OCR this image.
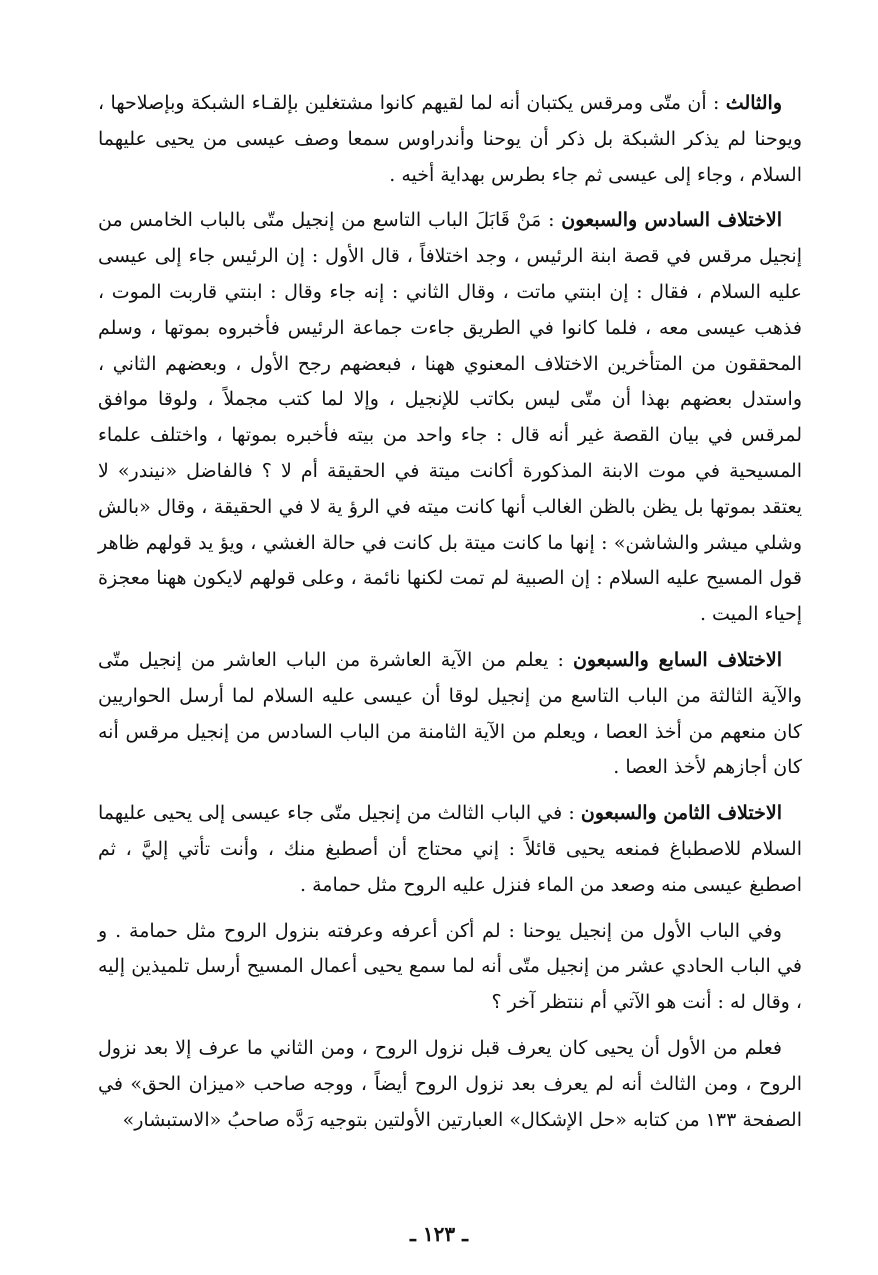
والثالث : أن متّى ومرقس يكتبان أنه لما لقيهم كانوا مشتغلين بإلقـاء الشبكة وبإصلاحها ، ويوحنا لم يذكر الشبكة بل ذكر أن يوحنا وأندراوس سمعا وصف عيسى من يحيى عليهما السلام ، وجاء إلى عيسى ثم جاء بطرس بهداية أخيه .

الاختلاف السادس والسبعون : مَنْ قَابَلَ الباب التاسع من إنجيل متّى بالباب الخامس من إنجيل مرقس في قصة ابنة الرئيس ، وجد اختلافاً ، قال الأول : إن الرئيس جاء إلى عيسى عليه السلام ، فقال : إن ابنتي ماتت ، وقال الثاني : إنه جاء وقال : ابنتي قاربت الموت ، فذهب عيسى معه ، فلما كانوا في الطريق جاءت جماعة الرئيس فأخبروه بموتها ، وسلم المحققون من المتأخرين الاختلاف المعنوي ههنا ، فبعضهم رجح الأول ، وبعضهم الثاني ، واستدل بعضهم بهذا أن متّى ليس بكاتب للإنجيل ، وإلا لما كتب مجملاً ، ولوقا موافق لمرقس في بيان القصة غير أنه قال : جاء واحد من بيته فأخبره بموتها ، واختلف علماء المسيحية في موت الابنة المذكورة أكانت ميتة في الحقيقة أم لا ؟ فالفاضل «نيندر» لا يعتقد بموتها بل يظن بالظن الغالب أنها كانت ميته في الرؤ ية لا في الحقيقة ، وقال «بالش وشلي ميشر والشاشن» : إنها ما كانت ميتة بل كانت في حالة الغشي ، ويؤ يد قولهم ظاهر قول المسيح عليه السلام : إن الصبية لم تمت لكنها نائمة ، وعلى قولهم لايكون ههنا معجزة إحياء الميت .

الاختلاف السابع والسبعون : يعلم من الآية العاشرة من الباب العاشر من إنجيل متّى والآية الثالثة من الباب التاسع من إنجيل لوقا أن عيسى عليه السلام لما أرسل الحواريين كان منعهم من أخذ العصا ، ويعلم من الآية الثامنة من الباب السادس من إنجيل مرقس أنه كان أجازهم لأخذ العصا .

الاختلاف الثامن والسبعون : في الباب الثالث من إنجيل متّى جاء عيسى إلى يحيى عليهما السلام للاصطباغ فمنعه يحيى قائلاً : إني محتاج أن أصطبغ منك ، وأنت تأتي إليَّ ، ثم اصطبغ عيسى منه وصعد من الماء فنزل عليه الروح مثل حمامة .

وفي الباب الأول من إنجيل يوحنا : لم أكن أعرفه وعرفته بنزول الروح مثل حمامة . و في الباب الحادي عشر من إنجيل متّى أنه لما سمع يحيى أعمال المسيح أرسل تلميذين إليه ، وقال له : أنت هو الآتي أم ننتظر آخر ؟

فعلم من الأول أن يحيى كان يعرف قبل نزول الروح ، ومن الثاني ما عرف إلا بعد نزول الروح ، ومن الثالث أنه لم يعرف بعد نزول الروح أيضاً ، ووجه صاحب «ميزان الحق» في الصفحة ١٣٣ من كتابه «حل الإشكال» العبارتين الأولتين بتوجيه رَدَّه صاحبُ «الاستبشار»

ـ ١٢٣ ـ
